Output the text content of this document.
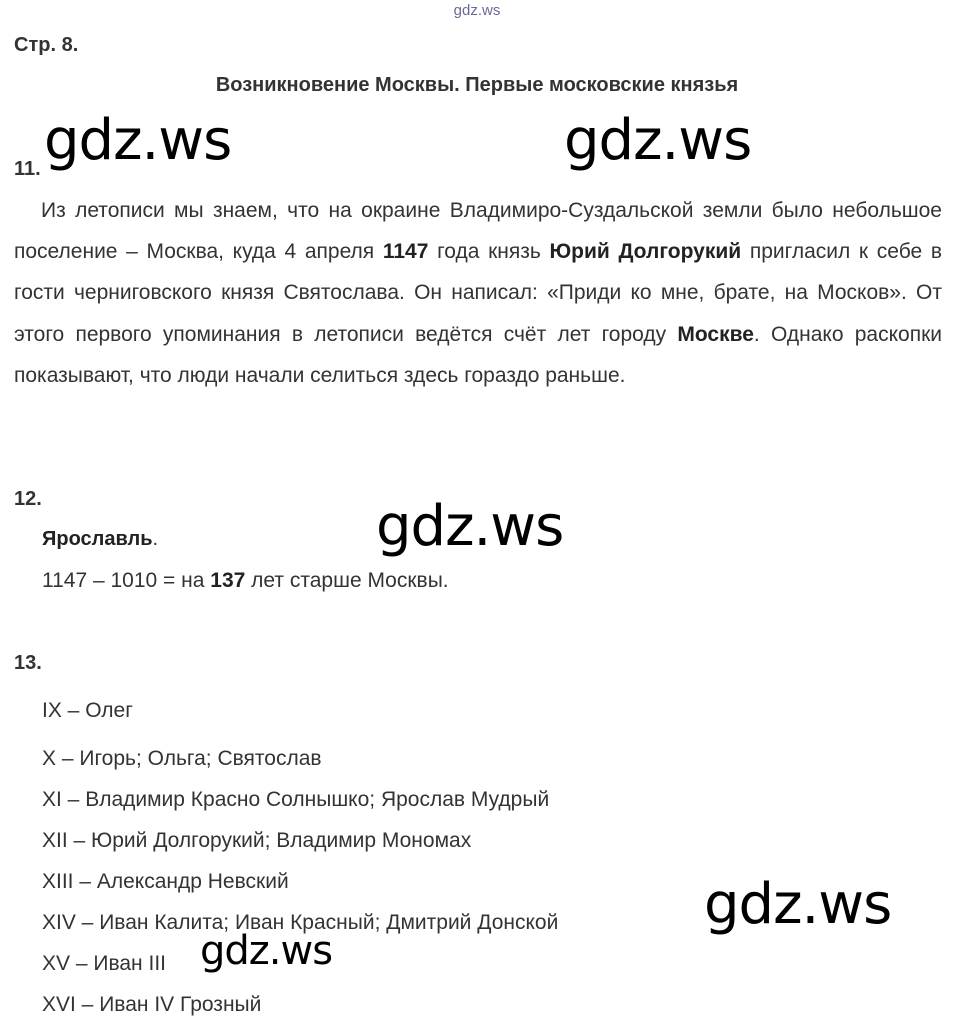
gdz.ws
Стр. 8.
Возникновение Москвы. Первые московские князья
11.
Из летописи мы знаем, что на окраине Владимиро-Суздальской земли было небольшое поселение – Москва, куда 4 апреля 1147 года князь Юрий Долгорукий пригласил к себе в гости черниговского князя Святослава. Он написал: «Приди ко мне, брате, на Москов». От этого первого упоминания в летописи ведётся счёт лет городу Москве. Однако раскопки показывают, что люди начали селиться здесь гораздо раньше.
12.
Ярославль.
1147 – 1010 = на 137 лет старше Москвы.
13.
IX – Олег
X – Игорь; Ольга; Святослав
XI – Владимир Красно Солнышко; Ярослав Мудрый
XII – Юрий Долгорукий; Владимир Мономах
XIII – Александр Невский
XIV – Иван Калита; Иван Красный; Дмитрий Донской
XV – Иван III
XVI – Иван IV Грозный
gdz.ws	gdz.ws
gdz.ws
gdz.ws
gdz.ws
